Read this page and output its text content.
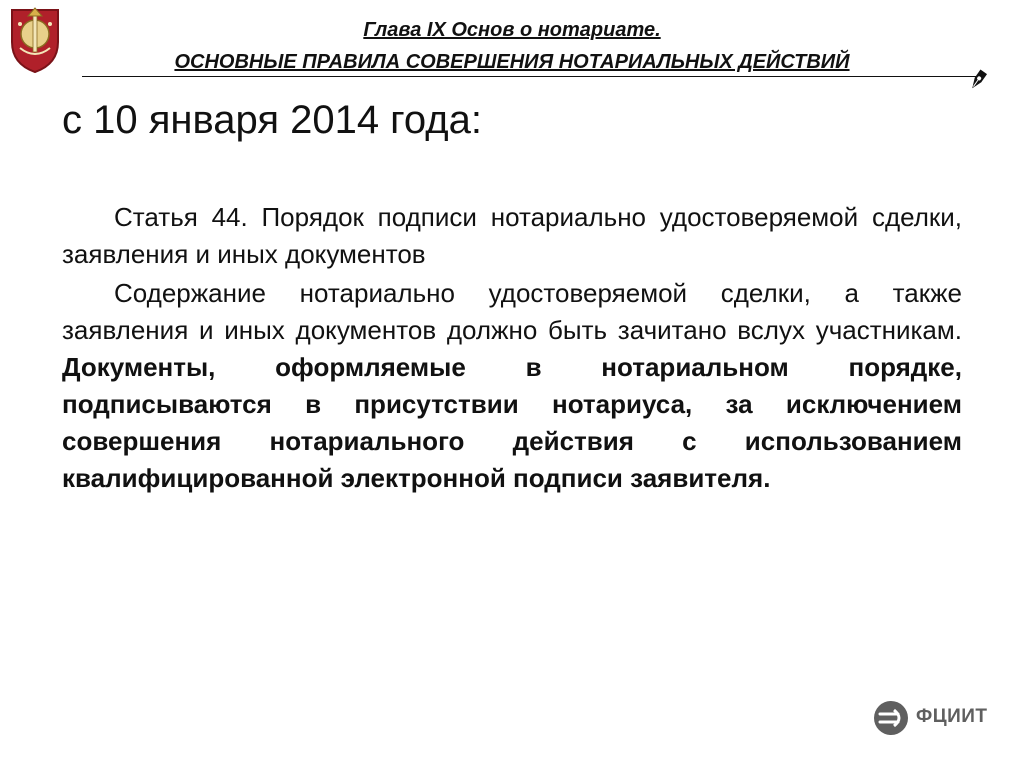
Глава IX Основ о нотариате.
ОСНОВНЫЕ ПРАВИЛА СОВЕРШЕНИЯ НОТАРИАЛЬНЫХ ДЕЙСТВИЙ
с 10 января 2014 года:

Статья 44. Порядок подписи нотариально удостоверяемой сделки, заявления и иных документов

Содержание нотариально удостоверяемой сделки, а также заявления и иных документов должно быть зачитано вслух участникам. Документы, оформляемые в нотариальном порядке, подписываются в присутствии нотариуса, за исключением совершения нотариального действия с использованием квалифицированной электронной подписи заявителя.

ФЦИИТ
